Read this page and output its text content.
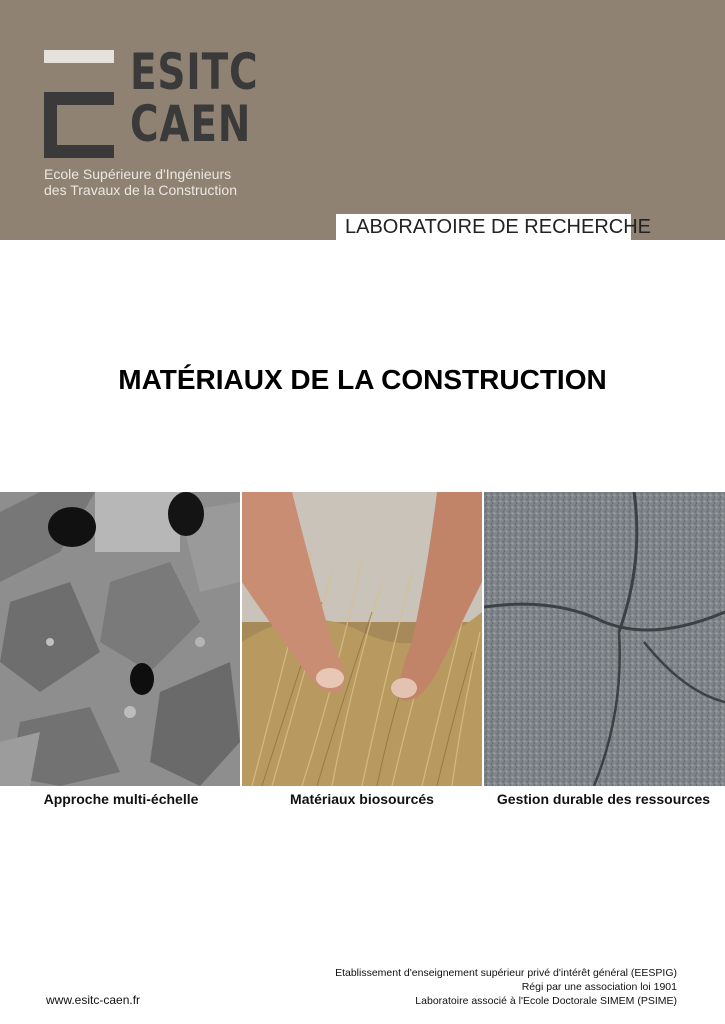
ESITC
CAEN
Ecole Supérieure d'Ingénieurs
des Travaux de la Construction
LABORATOIRE DE RECHERCHE
MATÉRIAUX DE LA CONSTRUCTION
Approche multi-échelle	Matériaux biosourcés	Gestion durable des ressources
Etablissement d'enseignement supérieur privé d'intérêt général (EESPIG)
Régi par une association loi 1901
Laboratoire associé à l'Ecole Doctorale SIMEM (PSIME)
www.esitc-caen.fr
